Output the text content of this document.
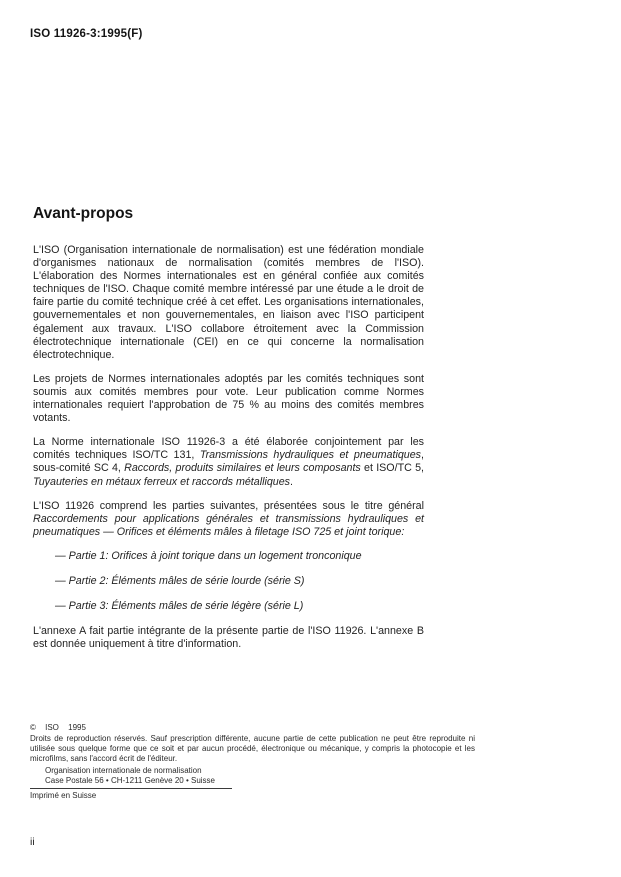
ISO 11926-3:1995(F)
Avant-propos

L'ISO (Organisation internationale de normalisation) est une fédération mondiale d'organismes nationaux de normalisation (comités membres de l'ISO). L'élaboration des Normes internationales est en général confiée aux comités techniques de l'ISO. Chaque comité membre intéressé par une étude a le droit de faire partie du comité technique créé à cet effet. Les organisations internationales, gouvernementales et non gouvernementales, en liaison avec l'ISO participent également aux travaux. L'ISO collabore étroitement avec la Commission électrotechnique internationale (CEI) en ce qui concerne la normalisation électrotechnique.

Les projets de Normes internationales adoptés par les comités techniques sont soumis aux comités membres pour vote. Leur publication comme Normes internationales requiert l'approbation de 75 % au moins des comités membres votants.

La Norme internationale ISO 11926-3 a été élaborée conjointement par les comités techniques ISO/TC 131, Transmissions hydrauliques et pneumatiques, sous-comité SC 4, Raccords, produits similaires et leurs composants et ISO/TC 5, Tuyauteries en métaux ferreux et raccords métalliques.

L'ISO 11926 comprend les parties suivantes, présentées sous le titre général Raccordements pour applications générales et transmissions hydrauliques et pneumatiques — Orifices et éléments mâles à filetage ISO 725 et joint torique:

— Partie 1: Orifices à joint torique dans un logement tronconique
— Partie 2: Éléments mâles de série lourde (série S)
— Partie 3: Éléments mâles de série légère (série L)

L'annexe A fait partie intégrante de la présente partie de l'ISO 11926. L'annexe B est donnée uniquement à titre d'information.

© ISO 1995

Droits de reproduction réservés. Sauf prescription différente, aucune partie de cette publication ne peut être reproduite ni utilisée sous quelque forme que ce soit et par aucun procédé, électronique ou mécanique, y compris la photocopie et les microfilms, sans l'accord écrit de l'éditeur.

Organisation internationale de normalisation
Case Postale 56 • CH-1211 Genève 20 • Suisse
Imprimé en Suisse
ii
